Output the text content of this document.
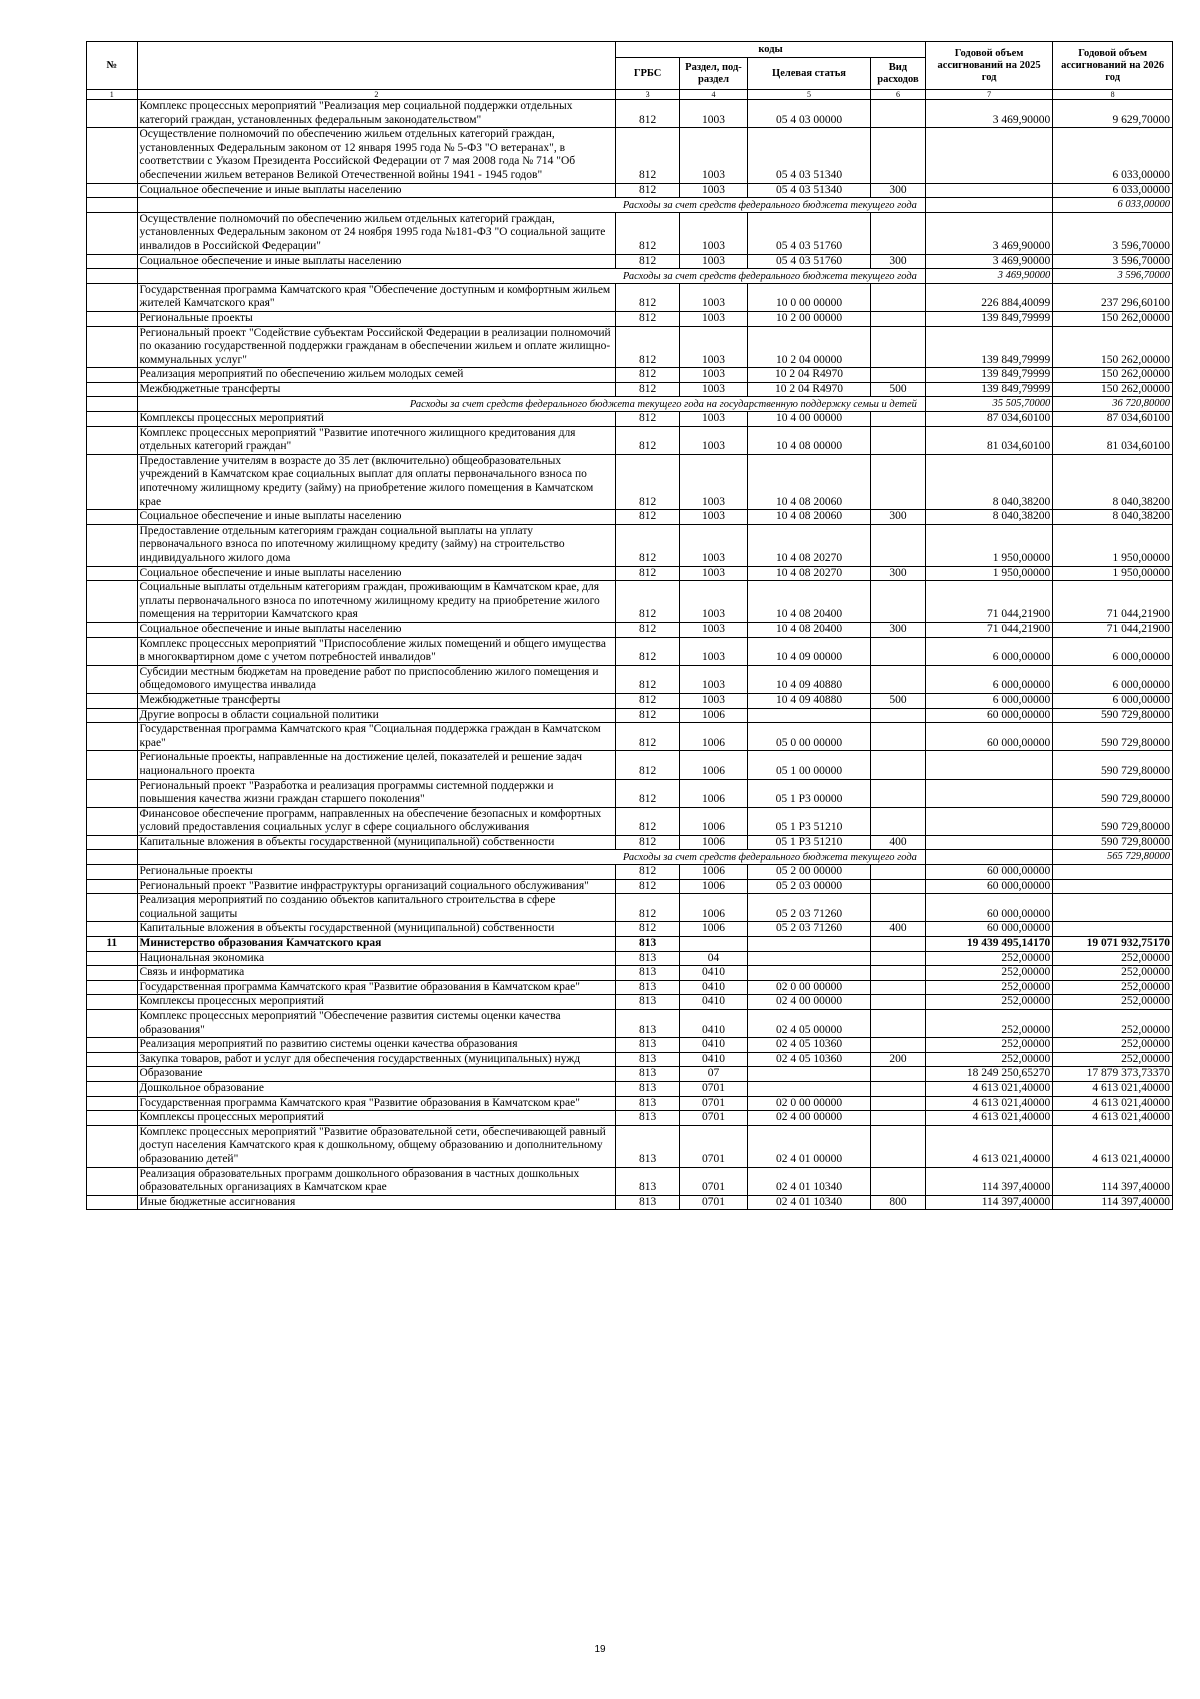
№		коды				Годовой объем ассигнований на 2025 год	Годовой объем ассигнований на 2026 год
		ГРБС	Раздел, под-раздел	Целевая статья	Вид расходов		
1	2	3	4	5	6	7	8
	Комплекс процессных мероприятий "Реализация мер социальной поддержки отдельных категорий граждан, установленных федеральным законодательством"	812	1003	05 4 03 00000		3 469,90000	9 629,70000
	Осуществление полномочий по обеспечению жильем отдельных категорий граждан, установленных Федеральным законом от 12 января 1995 года № 5-ФЗ "О ветеранах", в соответствии с Указом Президента Российской Федерации от 7 мая 2008 года № 714 "Об обеспечении жильем ветеранов Великой Отечественной войны 1941 - 1945 годов"	812	1003	05 4 03 51340			6 033,00000
	Социальное обеспечение и иные выплаты населению	812	1003	05 4 03 51340	300		6 033,00000
	Расходы за счет средств федерального бюджета текущего года						6 033,00000
	Осуществление полномочий по обеспечению жильем отдельных категорий граждан, установленных Федеральным законом от 24 ноября 1995 года №181-ФЗ "О социальной защите инвалидов в Российской Федерации"	812	1003	05 4 03 51760		3 469,90000	3 596,70000
	Социальное обеспечение и иные выплаты населению	812	1003	05 4 03 51760	300	3 469,90000	3 596,70000
	Расходы за счет средств федерального бюджета текущего года					3 469,90000	3 596,70000
	Государственная программа Камчатского края "Обеспечение доступным и комфортным жильем жителей Камчатского края"	812	1003	10 0 00 00000		226 884,40099	237 296,60100
	Региональные проекты	812	1003	10 2 00 00000		139 849,79999	150 262,00000
	Региональный проект "Содействие субъектам Российской Федерации в реализации полномочий по оказанию государственной поддержки гражданам в обеспечении жильем и оплате жилищно-коммунальных услуг"	812	1003	10 2 04 00000		139 849,79999	150 262,00000
	Реализация мероприятий по обеспечению жильем молодых семей	812	1003	10 2 04 R4970		139 849,79999	150 262,00000
	Межбюджетные трансферты	812	1003	10 2 04 R4970	500	139 849,79999	150 262,00000
	Расходы за счет средств федерального бюджета текущего года на государственную поддержку семьи и детей					35 505,70000	36 720,80000
	Комплексы процессных мероприятий	812	1003	10 4 00 00000		87 034,60100	87 034,60100
	Комплекс процессных мероприятий "Развитие ипотечного жилищного кредитования для отдельных категорий граждан"	812	1003	10 4 08 00000		81 034,60100	81 034,60100
	Предоставление учителям в возрасте до 35 лет (включительно) общеобразовательных учреждений в Камчатском крае социальных выплат для оплаты первоначального взноса по ипотечному жилищному кредиту (займу) на приобретение жилого помещения в Камчатском крае	812	1003	10 4 08 20060		8 040,38200	8 040,38200
	Социальное обеспечение и иные выплаты населению	812	1003	10 4 08 20060	300	8 040,38200	8 040,38200
	Предоставление отдельным категориям граждан социальной выплаты на уплату первоначального взноса по ипотечному жилищному кредиту (займу) на строительство индивидуального жилого дома	812	1003	10 4 08 20270		1 950,00000	1 950,00000
	Социальное обеспечение и иные выплаты населению	812	1003	10 4 08 20270	300	1 950,00000	1 950,00000
	Социальные выплаты отдельным категориям граждан, проживающим в Камчатском крае, для уплаты первоначального взноса по ипотечному жилищному кредиту на приобретение жилого помещения на территории Камчатского края	812	1003	10 4 08 20400		71 044,21900	71 044,21900
	Социальное обеспечение и иные выплаты населению	812	1003	10 4 08 20400	300	71 044,21900	71 044,21900
	Комплекс процессных мероприятий "Приспособление жилых помещений и общего имущества в многоквартирном доме с учетом потребностей инвалидов"	812	1003	10 4 09 00000		6 000,00000	6 000,00000
	Субсидии местным бюджетам на проведение работ по приспособлению жилого помещения и общедомового имущества инвалида	812	1003	10 4 09 40880		6 000,00000	6 000,00000
	Межбюджетные трансферты	812	1003	10 4 09 40880	500	6 000,00000	6 000,00000
	Другие вопросы в области социальной политики	812	1006			60 000,00000	590 729,80000
	Государственная программа Камчатского края "Социальная поддержка граждан в Камчатском крае"	812	1006	05 0 00 00000		60 000,00000	590 729,80000
	Региональные проекты, направленные на достижение целей, показателей и решение задач национального проекта	812	1006	05 1 00 00000			590 729,80000
	Региональный проект "Разработка и реализация программы системной поддержки и повышения качества жизни граждан старшего поколения"	812	1006	05 1 P3 00000			590 729,80000
	Финансовое обеспечение программ, направленных на обеспечение безопасных и комфортных условий предоставления социальных услуг в сфере социального обслуживания	812	1006	05 1 P3 51210			590 729,80000
	Капитальные вложения в объекты государственной (муниципальной) собственности	812	1006	05 1 P3 51210	400		590 729,80000
	Расходы за счет средств федерального бюджета текущего года						565 729,80000
	Региональные проекты	812	1006	05 2 00 00000		60 000,00000	
	Региональный проект "Развитие инфраструктуры организаций социального обслуживания"	812	1006	05 2 03 00000		60 000,00000	
	Реализация мероприятий по созданию объектов капитального строительства в сфере социальной защиты	812	1006	05 2 03 71260		60 000,00000	
	Капитальные вложения в объекты государственной (муниципальной) собственности	812	1006	05 2 03 71260	400	60 000,00000	
11	Министерство образования Камчатского края	813				19 439 495,14170	19 071 932,75170
	Национальная экономика	813	04			252,00000	252,00000
	Связь и информатика	813	0410			252,00000	252,00000
	Государственная программа Камчатского края "Развитие образования в Камчатском крае"	813	0410	02 0 00 00000		252,00000	252,00000
	Комплексы процессных мероприятий	813	0410	02 4 00 00000		252,00000	252,00000
	Комплекс процессных мероприятий "Обеспечение развития системы оценки качества образования"	813	0410	02 4 05 00000		252,00000	252,00000
	Реализация мероприятий по развитию системы оценки качества образования	813	0410	02 4 05 10360		252,00000	252,00000
	Закупка товаров, работ и услуг для обеспечения государственных (муниципальных) нужд	813	0410	02 4 05 10360	200	252,00000	252,00000
	Образование	813	07			18 249 250,65270	17 879 373,73370
	Дошкольное образование	813	0701			4 613 021,40000	4 613 021,40000
	Государственная программа Камчатского края "Развитие образования в Камчатском крае"	813	0701	02 0 00 00000		4 613 021,40000	4 613 021,40000
	Комплексы процессных мероприятий	813	0701	02 4 00 00000		4 613 021,40000	4 613 021,40000
	Комплекс процессных мероприятий "Развитие образовательной сети, обеспечивающей равный доступ населения Камчатского края к дошкольному, общему образованию и дополнительному образованию детей"	813	0701	02 4 01 00000		4 613 021,40000	4 613 021,40000
	Реализация образовательных программ дошкольного образования в частных дошкольных образовательных организациях в Камчатском крае	813	0701	02 4 01 10340		114 397,40000	114 397,40000
	Иные бюджетные ассигнования	813	0701	02 4 01 10340	800	114 397,40000	114 397,40000
19
